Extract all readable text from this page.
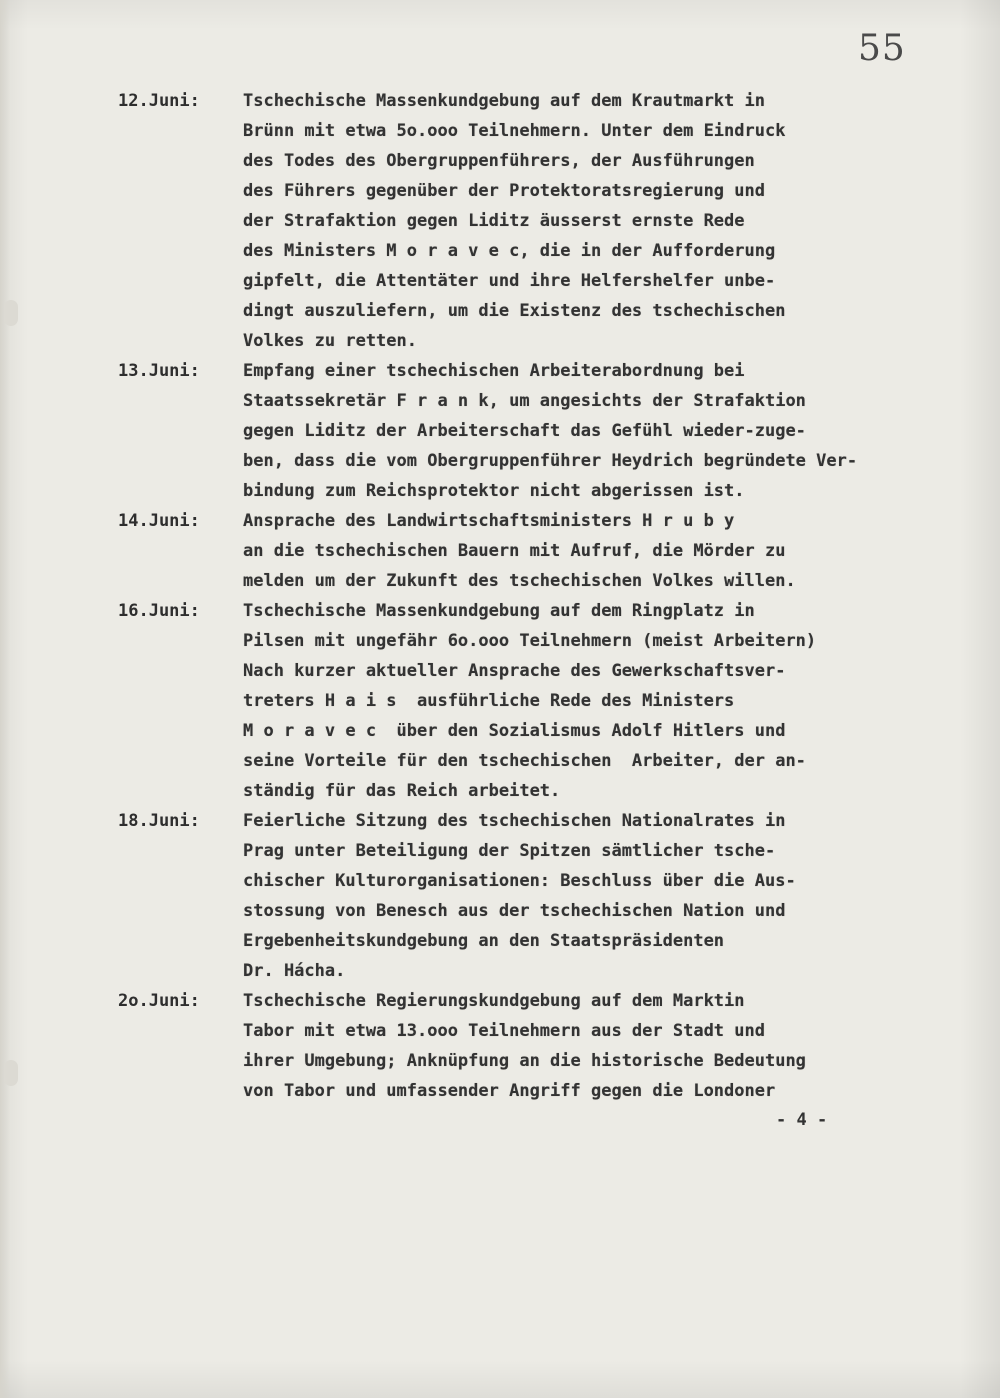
55
12.Juni:	Tschechische Massenkundgebung auf dem Krautmarkt in
Brünn mit etwa 5o.ooo Teilnehmern. Unter dem Eindruck
des Todes des Obergruppenführers, der Ausführungen
des Führers gegenüber der Protektoratsregierung und
der Strafaktion gegen Liditz äusserst ernste Rede
des Ministers M o r a v e c, die in der Aufforderung
gipfelt, die Attentäter und ihre Helfershelfer unbe-
dingt auszuliefern, um die Existenz des tschechischen
Volkes zu retten.
13.Juni:	Empfang einer tschechischen Arbeiterabordnung bei
Staatssekretär F r a n k, um angesichts der Strafaktion
gegen Liditz der Arbeiterschaft das Gefühl wieder-zuge-
ben, dass die vom Obergruppenführer Heydrich begründete Ver-
bindung zum Reichsprotektor nicht abgerissen ist.
14.Juni:	Ansprache des Landwirtschaftsministers H r u b y
an die tschechischen Bauern mit Aufruf, die Mörder zu
melden um der Zukunft des tschechischen Volkes willen.
16.Juni:	Tschechische Massenkundgebung auf dem Ringplatz in
Pilsen mit ungefähr 6o.ooo Teilnehmern (meist Arbeitern)
Nach kurzer aktueller Ansprache des Gewerkschaftsver-
treters H a i s  ausführliche Rede des Ministers
M o r a v e c  über den Sozialismus Adolf Hitlers und
seine Vorteile für den tschechischen  Arbeiter, der an-
ständig für das Reich arbeitet.
18.Juni:	Feierliche Sitzung des tschechischen Nationalrates in
Prag unter Beteiligung der Spitzen sämtlicher tsche-
chischer Kulturorganisationen: Beschluss über die Aus-
stossung von Benesch aus der tschechischen Nation und
Ergebenheitskundgebung an den Staatspräsidenten
Dr. Hácha.
2o.Juni:	Tschechische Regierungskundgebung auf dem Marktin
Tabor mit etwa 13.ooo Teilnehmern aus der Stadt und
ihrer Umgebung; Anknüpfung an die historische Bedeutung
von Tabor und umfassender Angriff gegen die Londoner
- 4 -
